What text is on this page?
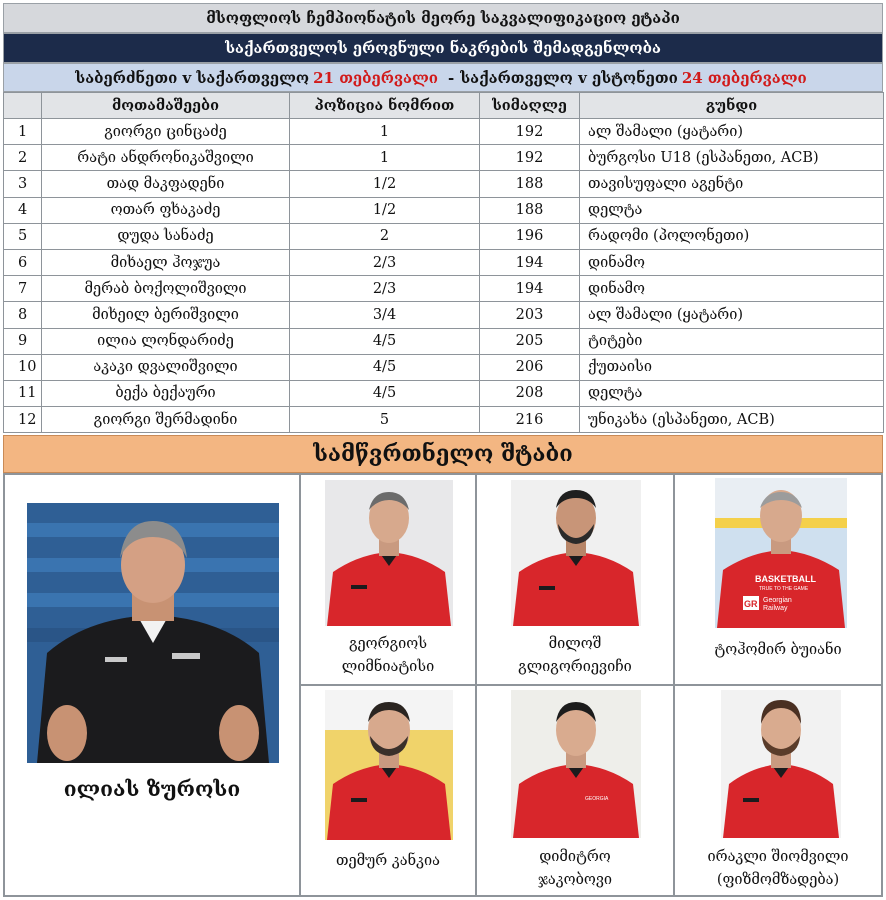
მსოფლიოს ჩემპიონატის მეორე საკვალიფიკაციო ეტაპი
საქართველოს ეროვნული ნაკრების შემადგენლობა
საბერძნეთი v საქართველო 21 თებერვალი - საქართველო v ესტონეთი 24 თებერვალი
	მოთამაშეები	პოზიცია ნომრით	სიმაღლე	გუნდი
1	გიორგი ცინცაძე	1	192	ალ შამალი (ყატარი)
2	რატი ანდრონიკაშვილი	1	192	ბურგოსი U18 (ესპანეთი, ACB)
3	თად მაკფადენი	1/2	188	თავისუფალი აგენტი
4	ოთარ ფხაკაძე	1/2	188	დელტა
5	დუდა სანაძე	2	196	რადომი (პოლონეთი)
6	მიხაელ ჰოჯუა	2/3	194	დინამო
7	მერაბ ბოქოლიშვილი	2/3	194	დინამო
8	მიხეილ ბერიშვილი	3/4	203	ალ შამალი (ყატარი)
9	ილია ლონდარიძე	4/5	205	ტიტები
10	აკაკი დვალიშვილი	4/5	206	ქუთაისი
11	ბექა ბექაური	4/5	208	დელტა
12	გიორგი შერმადინი	5	216	უნიკახა (ესპანეთი, ACB)
სამწვრთნელო შტაბი
ილიას ზუროსი
გეორგიოს
ლიმნიატისი
მილოშ
გლიგორიევიჩი
BASKETBALL
TRUE TO THE GAME
GR Georgian
Railway
ტოჰომირ ბუიანი
თემურ კანკია
GEORGIA
დიმიტრო
ჯაკობოვი
ირაკლი შიომვილი
(ფიზმომზადება)
